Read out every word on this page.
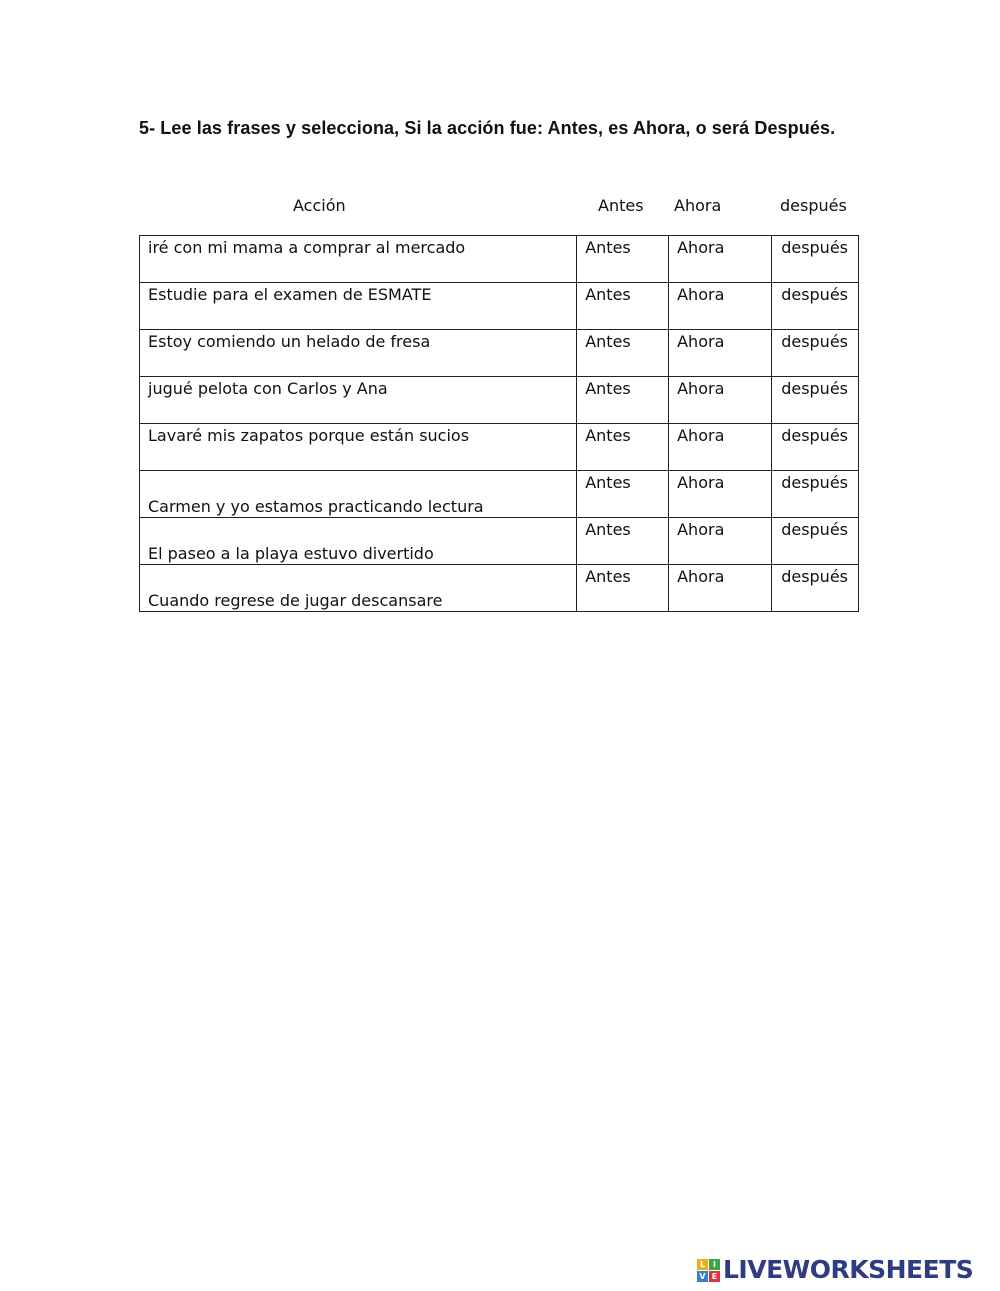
5- Lee las frases y selecciona, Si la acción fue: Antes, es Ahora, o será Después.
Acción	Antes Ahora	después
iré con mi mama a comprar al mercado	Antes	Ahora	después
Estudie para el examen de ESMATE	Antes	Ahora	después
Estoy comiendo un helado de fresa	Antes	Ahora	después
jugué pelota con Carlos y Ana	Antes	Ahora	después
Lavaré mis zapatos porque están sucios	Antes	Ahora	después
Carmen y yo estamos practicando lectura	Antes	Ahora	después
El paseo a la playa estuvo divertido	Antes	Ahora	después
Cuando regrese de jugar descansare	Antes	Ahora	después
L I
V E LIVEWORKSHEETS
